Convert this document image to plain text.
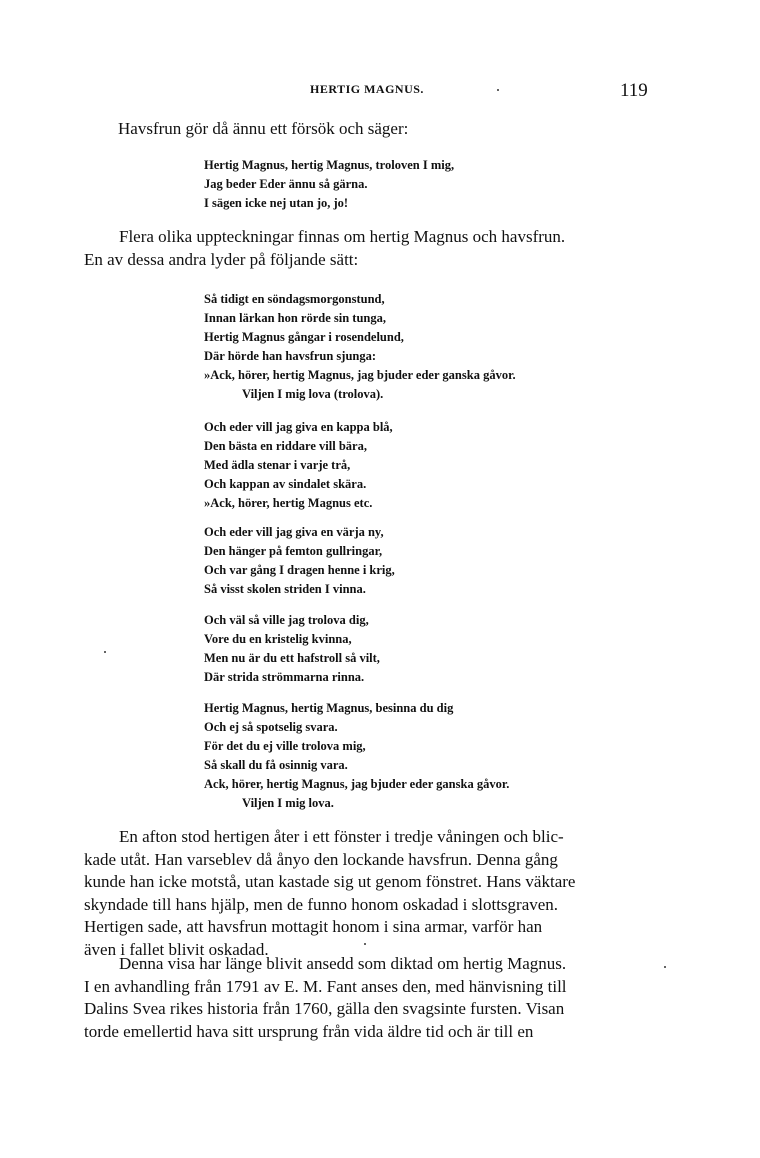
HERTIG MAGNUS.	119

Havsfrun gör då ännu ett försök och säger:

Hertig Magnus, hertig Magnus, troloven I mig,
Jag beder Eder ännu så gärna.
I sägen icke nej utan jo, jo!
Flera olika uppteckningar finnas om hertig Magnus och havsfrun.
En av dessa andra lyder på följande sätt:
Så tidigt en söndagsmorgonstund,
Innan lärkan hon rörde sin tunga,
Hertig Magnus gångar i rosendelund,
Där hörde han havsfrun sjunga:
»Ack, hörer, hertig Magnus, jag bjuder eder ganska gåvor.
Viljen I mig lova (trolova).
Och eder vill jag giva en kappa blå,
Den bästa en riddare vill bära,
Med ädla stenar i varje trå,
Och kappan av sindalet skära.
»Ack, hörer, hertig Magnus etc.
Och eder vill jag giva en värja ny,
Den hänger på femton gullringar,
Och var gång I dragen henne i krig,
Så visst skolen striden I vinna.
Och väl så ville jag trolova dig,
Vore du en kristelig kvinna,
Men nu är du ett hafstroll så vilt,
Där strida strömmarna rinna.
Hertig Magnus, hertig Magnus, besinna du dig
Och ej så spotselig svara.
För det du ej ville trolova mig,
Så skall du få osinnig vara.
Ack, hörer, hertig Magnus, jag bjuder eder ganska gåvor.
Viljen I mig lova.
En afton stod hertigen åter i ett fönster i tredje våningen och blic-
kade utåt. Han varseblev då ånyo den lockande havsfrun. Denna gång
kunde han icke motstå, utan kastade sig ut genom fönstret. Hans väktare
skyndade till hans hjälp, men de funno honom oskadad i slottsgraven.
Hertigen sade, att havsfrun mottagit honom i sina armar, varför han
även i fallet blivit oskadad.
Denna visa har länge blivit ansedd som diktad om hertig Magnus.
I en avhandling från 1791 av E. M. Fant anses den, med hänvisning till
Dalins Svea rikes historia från 1760, gälla den svagsinte fursten. Visan
torde emellertid hava sitt ursprung från vida äldre tid och är till en
